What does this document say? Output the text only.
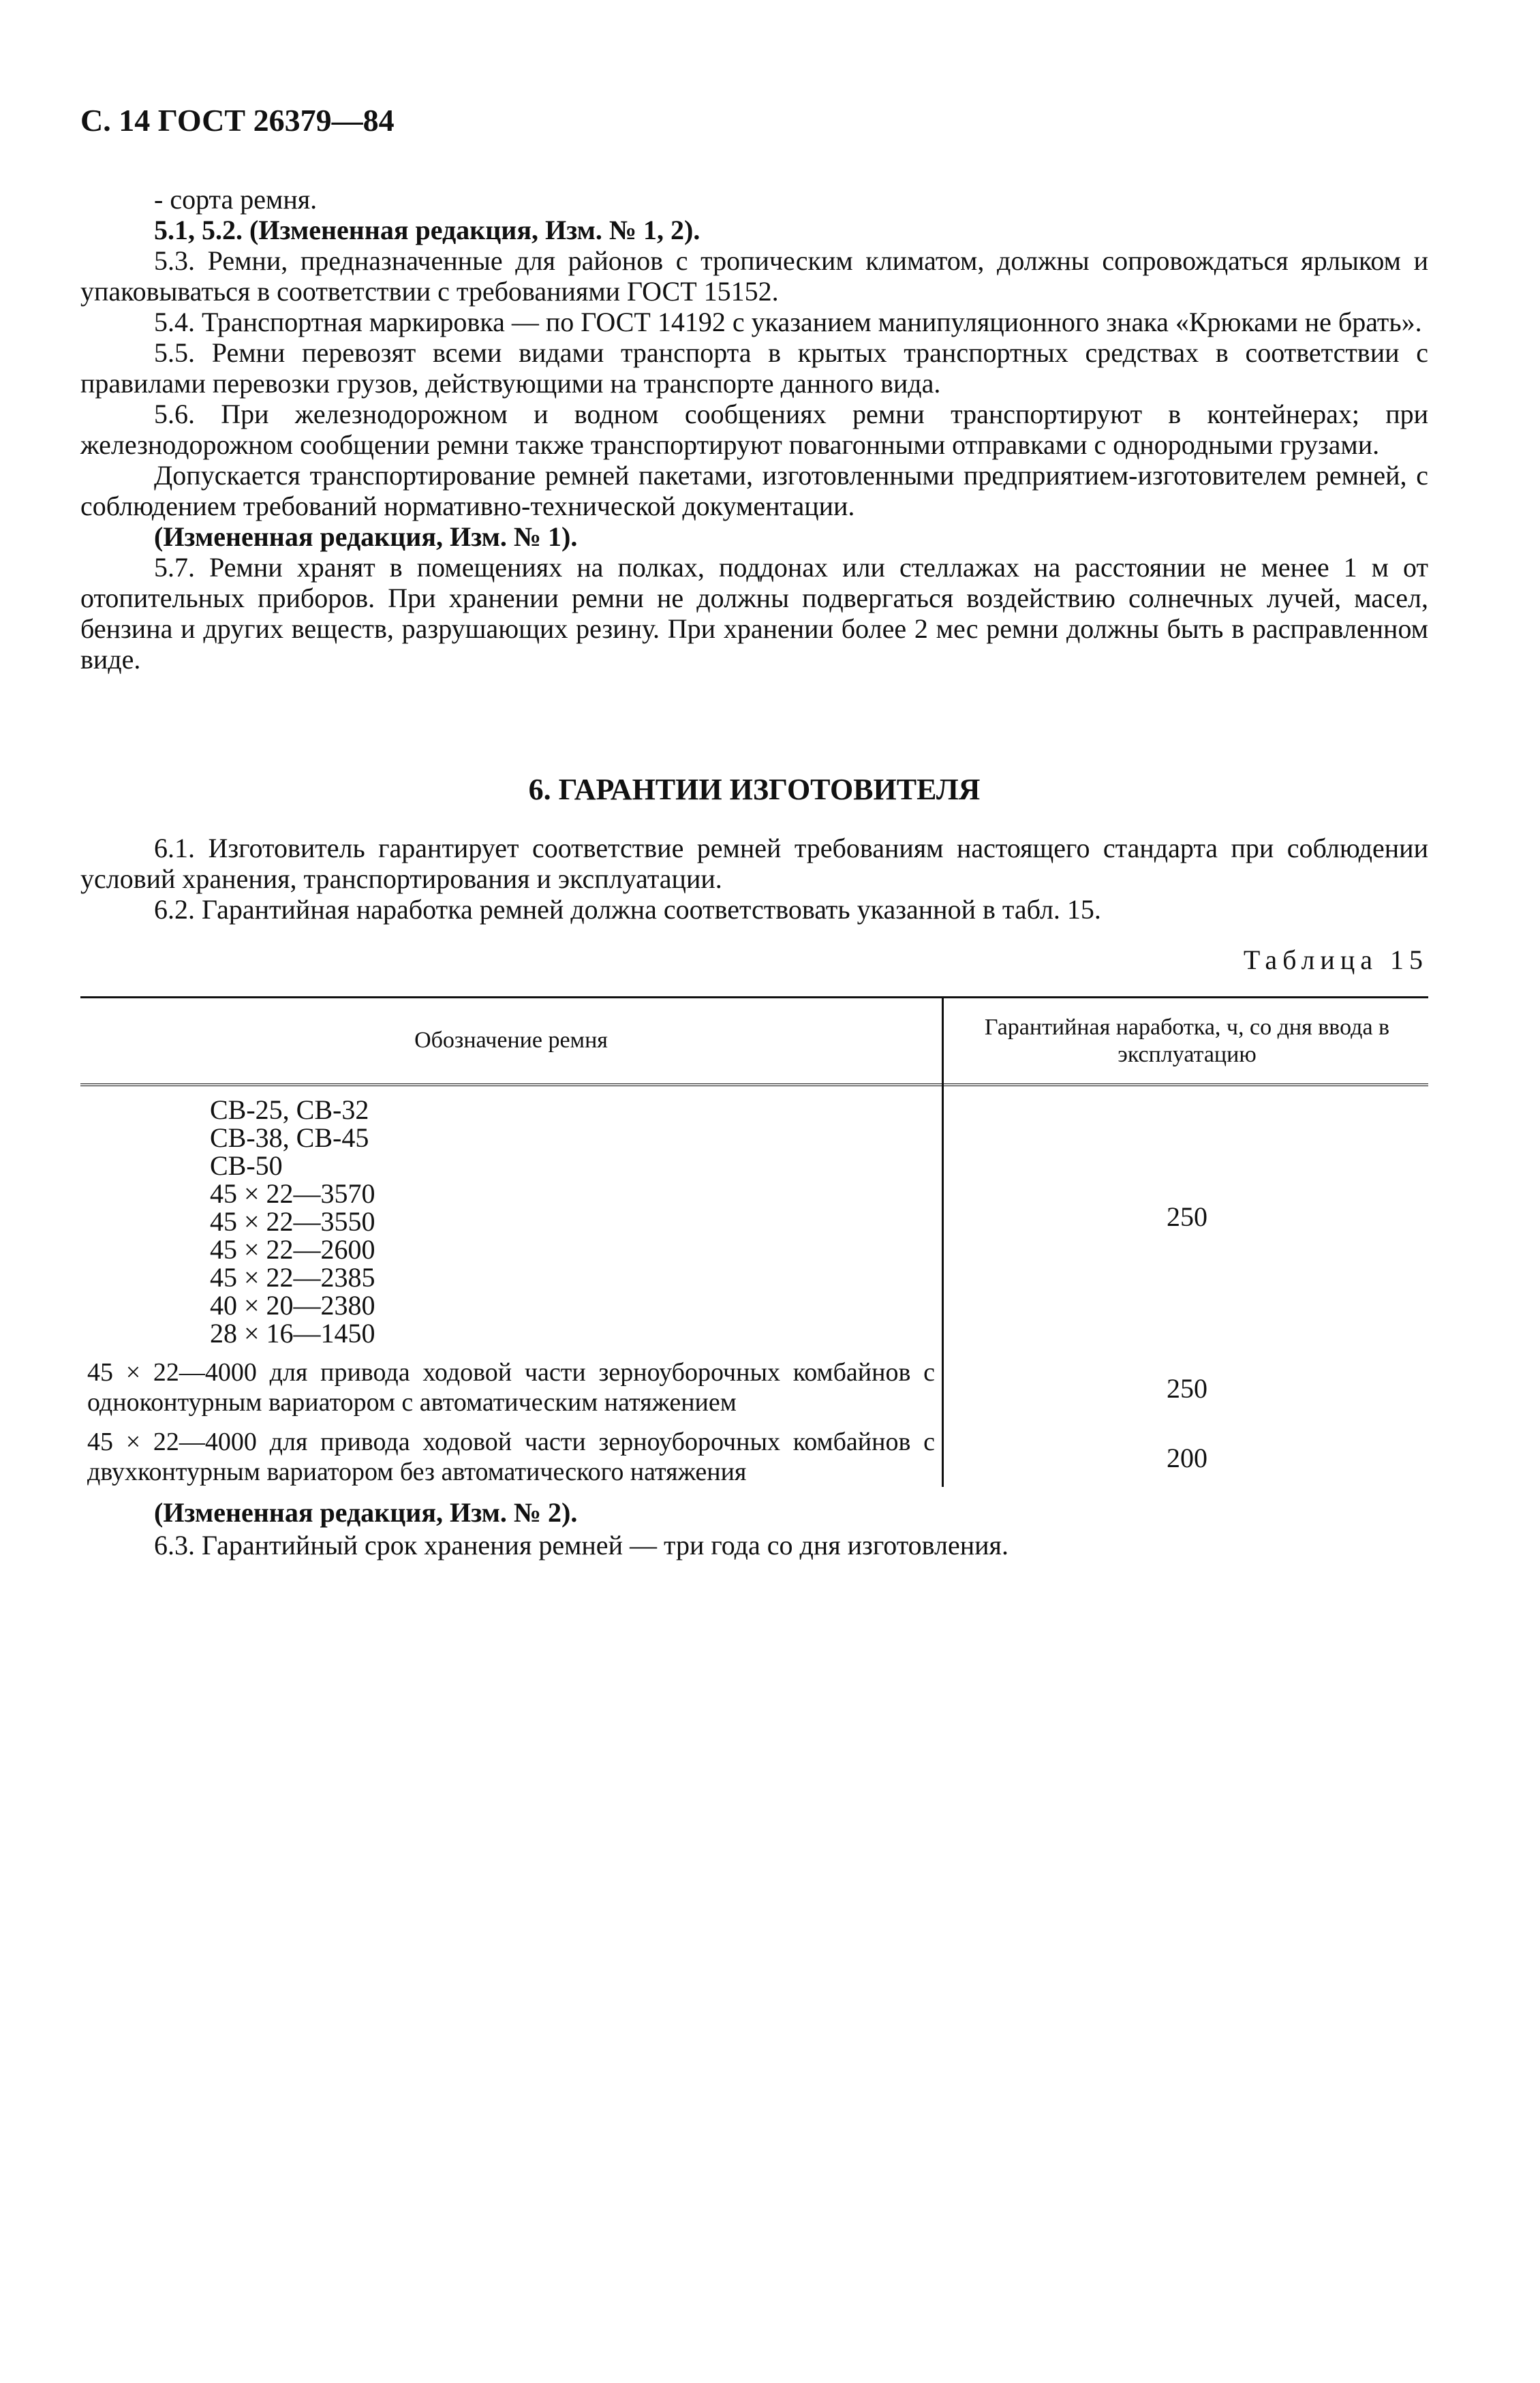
С. 14 ГОСТ 26379—84

- сорта ремня.

5.1, 5.2. (Измененная редакция, Изм. № 1, 2).

5.3. Ремни, предназначенные для районов с тропическим климатом, должны сопровождаться ярлыком и упаковываться в соответствии с требованиями ГОСТ 15152.

5.4. Транспортная маркировка — по ГОСТ 14192 с указанием манипуляционного знака «Крюками не брать».

5.5. Ремни перевозят всеми видами транспорта в крытых транспортных средствах в соответствии с правилами перевозки грузов, действующими на транспорте данного вида.

5.6. При железнодорожном и водном сообщениях ремни транспортируют в контейнерах; при железнодорожном сообщении ремни также транспортируют повагонными отправками с однородными грузами.

Допускается транспортирование ремней пакетами, изготовленными предприятием-изготовителем ремней, с соблюдением требований нормативно-технической документации.

(Измененная редакция, Изм. № 1).

5.7. Ремни хранят в помещениях на полках, поддонах или стеллажах на расстоянии не менее 1 м от отопительных приборов. При хранении ремни не должны подвергаться воздействию солнечных лучей, масел, бензина и других веществ, разрушающих резину. При хранении более 2 мес ремни должны быть в расправленном виде.

6. ГАРАНТИИ ИЗГОТОВИТЕЛЯ

6.1. Изготовитель гарантирует соответствие ремней требованиям настоящего стандарта при соблюдении условий хранения, транспортирования и эксплуатации.

6.2. Гарантийная наработка ремней должна соответствовать указанной в табл. 15.

Таблица 15
Обозначение ремня
Гарантийная наработка, ч, со дня ввода в эксплуатацию
СВ-25, СВ-32
СВ-38, СВ-45
СВ-50
45 × 22—3570
45 × 22—3550
45 × 22—2600
45 × 22—2385
40 × 20—2380
28 × 16—1450
250
45 × 22—4000 для привода ходовой части зерноуборочных комбайнов с одноконтурным вариатором с автоматическим натяжением	250
45 × 22—4000 для привода ходовой части зерноуборочных комбайнов с двухконтурным вариатором без автоматического натяжения	200

(Измененная редакция, Изм. № 2).

6.3. Гарантийный срок хранения ремней — три года со дня изготовления.
